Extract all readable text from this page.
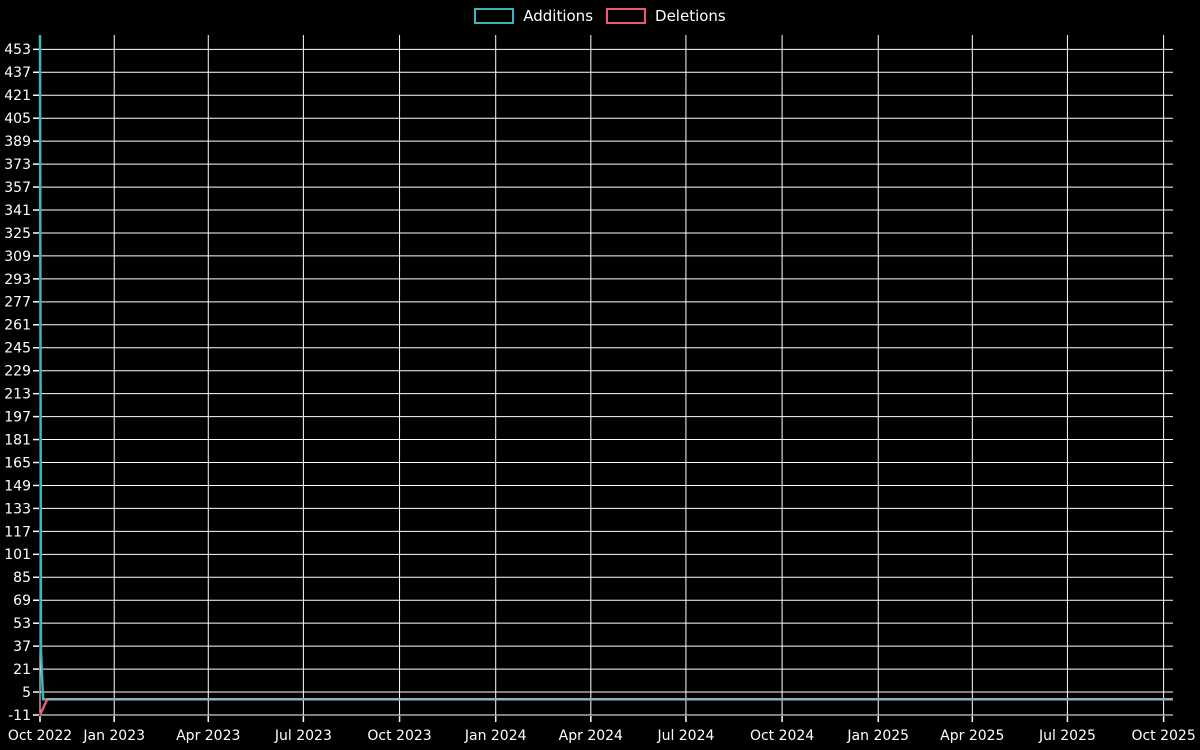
Additions	Deletions
453
437
421
405
389
373
357
341
325
309
293
277
261
245
229
213
197
181
165
149
133
117
101
85
69
53
37
21
5
-11
Oct 2022 Jan 2023 Apr 2023 Jul 2023	Oct 2023 Jan 2024 Apr 2024 Jul 2024	Oct 2024 Jan 2025 Apr 2025 Jul 2025	Oct 2025
